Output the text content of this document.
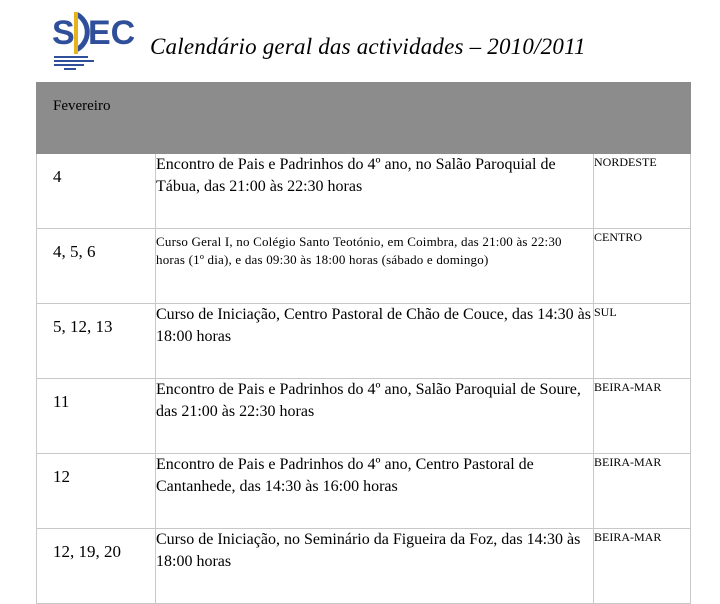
S EC Calendário geral das actividades – 2010/2011
Fevereiro		
4	Encontro de Pais e Padrinhos do 4º ano, no Salão Paroquial de Tábua, das 21:00 às 22:30 horas	NORDESTE
4, 5, 6	Curso Geral I, no Colégio Santo Teotónio, em Coimbra, das 21:00 às 22:30 horas (1º dia), e das 09:30 às 18:00 horas (sábado e domingo)	CENTRO
5, 12, 13	Curso de Iniciação, Centro Pastoral de Chão de Couce, das 14:30 às 18:00 horas	SUL
11	Encontro de Pais e Padrinhos do 4º ano, Salão Paroquial de Soure, das 21:00 às 22:30 horas	BEIRA-MAR
12	Encontro de Pais e Padrinhos do 4º ano, Centro Pastoral de Cantanhede, das 14:30 às 16:00 horas	BEIRA-MAR
12, 19, 20	Curso de Iniciação, no Seminário da Figueira da Foz, das 14:30 às 18:00 horas	BEIRA-MAR
